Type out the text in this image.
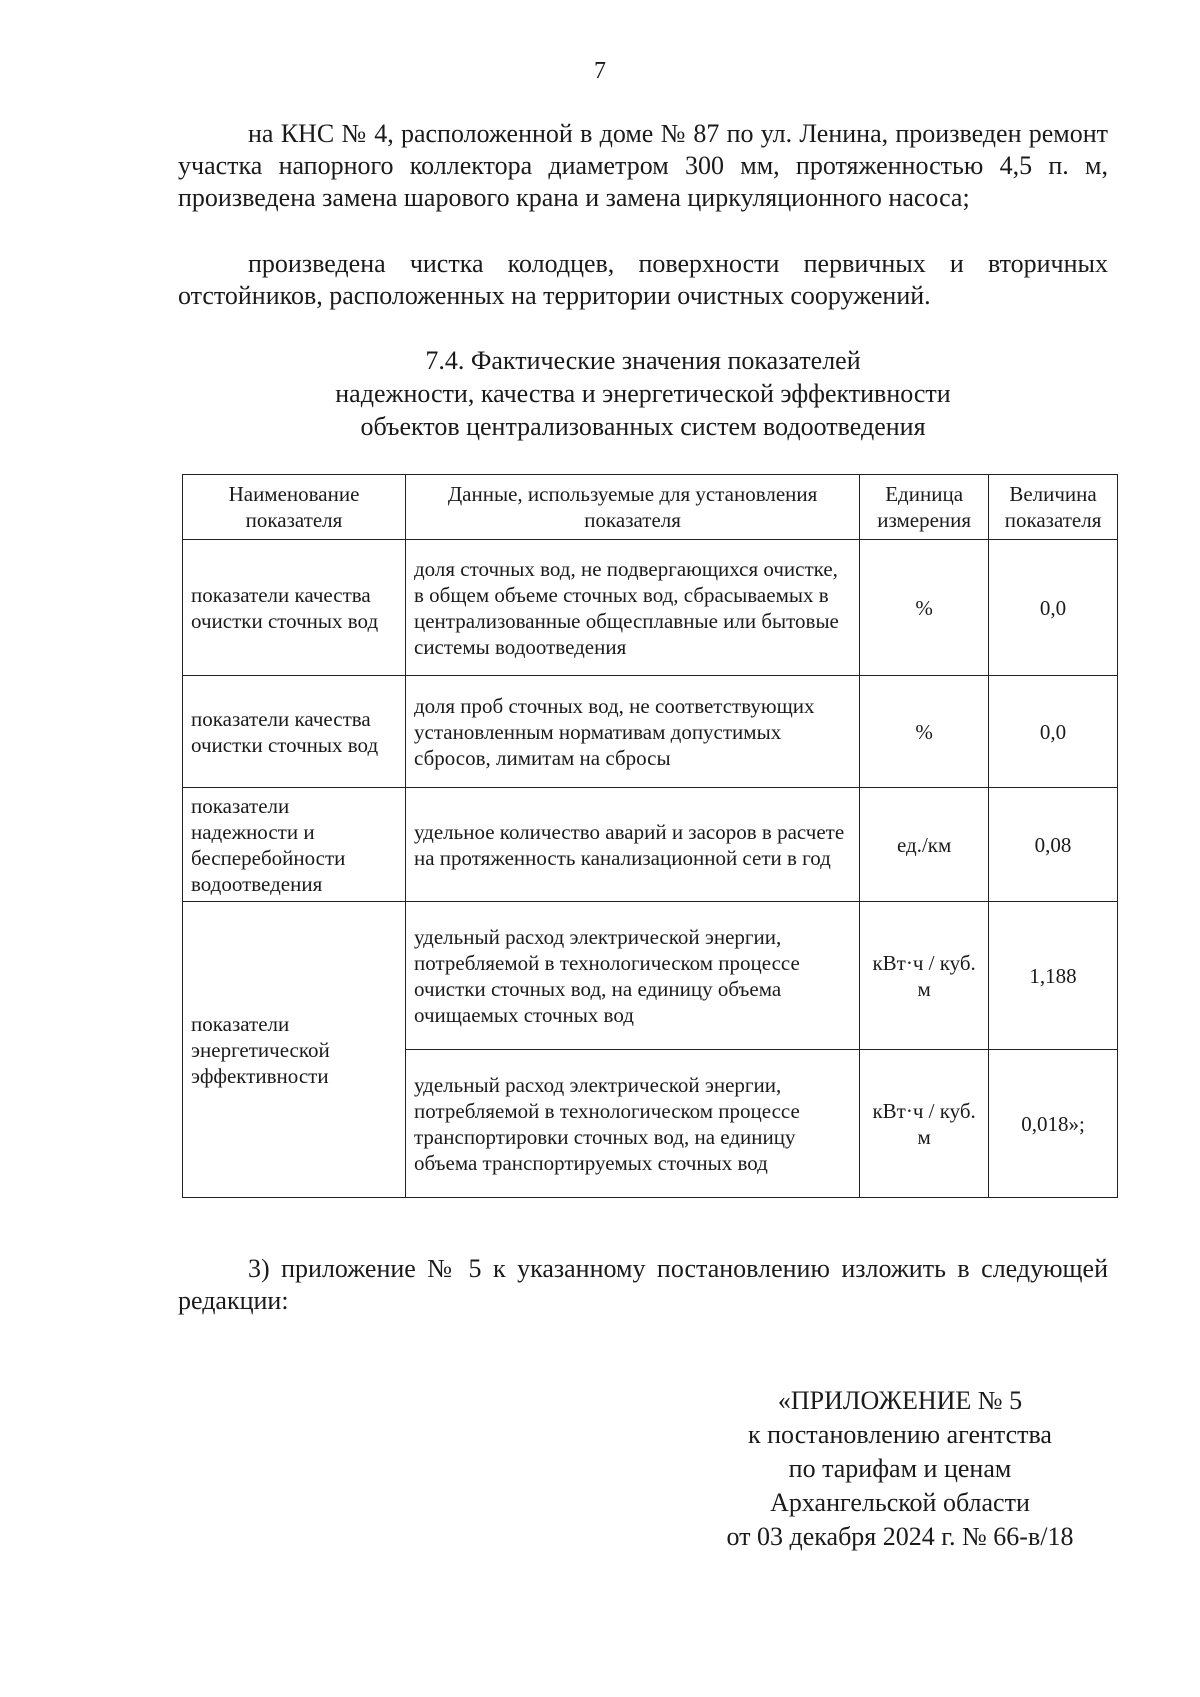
7

на КНС № 4, расположенной в доме № 87 по ул. Ленина, произведен ремонт участка напорного коллектора диаметром 300 мм, протяженностью 4,5 п. м, произведена замена шарового крана и замена циркуляционного насоса;

произведена чистка колодцев, поверхности первичных и вторичных отстойников, расположенных на территории очистных сооружений.

7.4. Фактические значения показателей
надежности, качества и энергетической эффективности
объектов централизованных систем водоотведения
Наименование показателя	Данные, используемые для установления показателя	Единица измерения	Величина показателя
показатели качества очистки сточных вод	доля сточных вод, не подвергающихся очистке, в общем объеме сточных вод, сбрасываемых в централизованные общесплавные или бытовые системы водоотведения	%	0,0
показатели качества очистки сточных вод	доля проб сточных вод, не соответствующих установленным нормативам допустимых сбросов, лимитам на сбросы	%	0,0
показатели надежности и бесперебойности водоотведения	удельное количество аварий и засоров в расчете на протяженность канализационной сети в год	ед./км	0,08
показатели энергетической эффективности	удельный расход электрической энергии, потребляемой в технологическом процессе очистки сточных вод, на единицу объема очищаемых сточных вод	кВт·ч / куб. м	1,188
	удельный расход электрической энергии, потребляемой в технологическом процессе транспортировки сточных вод, на единицу объема транспортируемых сточных вод	кВт·ч / куб. м	0,018»;

3) приложение № 5 к указанному постановлению изложить в следующей редакции:

«ПРИЛОЖЕНИЕ № 5
к постановлению агентства
по тарифам и ценам
Архангельской области
от 03 декабря 2024 г. № 66-в/18
